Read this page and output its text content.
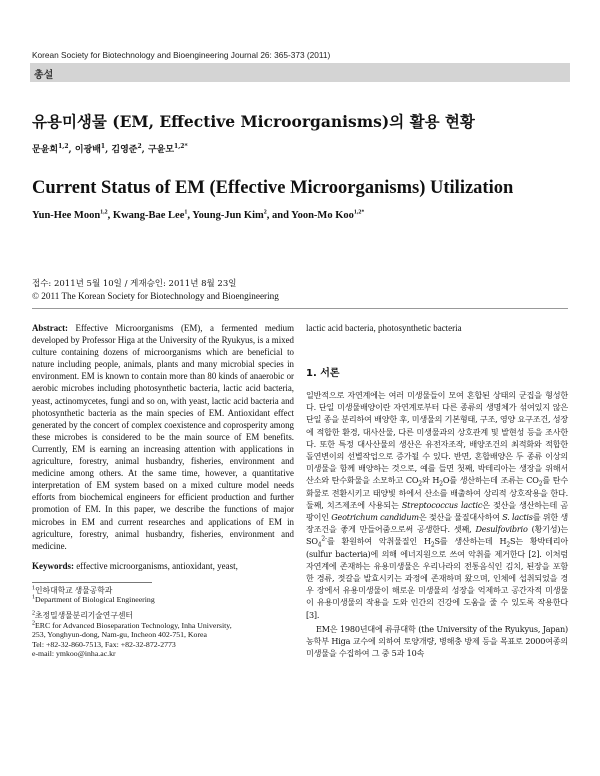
Korean Society for Biotechnology and Bioengineering Journal 26: 365-373 (2011)
총설
유용미생물 (EM, Effective Microorganisms)의 활용 현황
문윤희$^{1,2}$, 이광배$^1$, 김영준$^2$, 구윤모$^{1,2*}$
Current Status of EM (Effective Microorganisms) Utilization
Yun-Hee Moon$^{1,2}$, Kwang-Bae Lee$^1$, Young-Jun Kim$^2$, and Yoon-Mo Koo$^{1,2*}$
접수: 2011년 5월 10일 / 게재승인: 2011년 8월 23일
© 2011 The Korean Society for Biotechnology and Bioengineering

Abstract: Effective Microorganisms (EM), a fermented medium developed by Professor Higa at the University of the Ryukyus, is a mixed culture containing dozens of microorganisms which are beneficial to nature including people, animals, plants and many microbial species in environment. EM is known to contain more than 80 kinds of anaerobic or aerobic microbes including photosynthetic bacteria, lactic acid bacteria, yeast, actinomycetes, fungi and so on, with yeast, lactic acid bacteria and photosynthetic bacteria as the main species of EM. Antioxidant effect generated by the concert of complex coexistence and coprosperity among these microbes is considered to be the main source of EM benefits. Currently, EM is earning an increasing attention with applications in agriculture, forestry, animal husbandry, fisheries, environment and medicine among others. At the same time, however, a quantitative interpretation of EM system based on a mixed culture model needs efforts from biochemical engineers for efficient production and further promotion of EM. In this paper, we describe the functions of major microbes in EM and current researches and applications of EM in agriculture, forestry, animal husbandry, fisheries, environment and medicine.

Keywords: effective microorganisms, antioxidant, yeast,

$^1$인하대학교 생물공학과
$^1$Department of Biological Engineering
$^2$초정밀생물분리기술연구센터
$^2$ERC for Advanced Bioseparation Technology, Inha University,
253, Yonghyun-dong, Nam-gu, Incheon 402-751, Korea
Tel: +82-32-860-7513, Fax: +82-32-872-2773
e-mail: ymkoo@inha.ac.kr

lactic acid bacteria, photosynthetic bacteria

1. 서론

일반적으로 자연계에는 여러 미생물들이 모여 혼합된 상태의 군집을 형성한다. 단일 미생물배양이란 자연계로부터 다른 종류의 생명체가 섞여있지 않은 단일 종을 분리하여 배양한 후, 미생물의 기본형태, 구조, 영양 요구조건, 성장에 적합한 환경, 대사산물, 다른 미생물과의 상호관계 및 발현성 등을 조사한다. 또한 특정 대사산물의 생산은 유전자조작, 배양조건의 최적화와 적합한 돌연변이의 선별작업으로 증가될 수 있다. 반면, 혼합배양은 두 종류 이상의 미생물을 함께 배양하는 것으로, 예를 들면 첫째, 박테리아는 생장을 위해서 산소와 탄수화물을 소모하고 $CO_2$와 $H_2O$를 생산하는데 조류는 $CO_2$를 탄수화물로 전환시키고 태양빛 하에서 산소를 배출하여 상리적 상호작용을 한다. 둘째, 치즈제조에 사용되는 Streptococcus lactic은 젖산을 생산하는데 곰팡이인 Geotrichum candidum은 젖산을 물질대사하여 S. lactis를 위한 생장조건을 좋게 만들어줌으로써 공생한다. 셋째, Desulfovibrio (황기성)는 $SO_4^{2-}$를 환원하여 악취물질인 $H_2S$를 생산하는데 $H_2S$는 황박테리아 (sulfur bacteria)에 의해 에너지원으로 쓰여 악취를 제거한다 [2]. 이처럼 자연계에 존재하는 유용미생물은 우리나라의 전통음식인 김치, 된장을 포함한 경류, 젓갈을 발효시키는 과정에 존재하며 왔으며, 인체에 섭취되었을 경우 장에서 유용미생물이 해로운 미생물의 성장을 억제하고 공간자적 미생물이 유용미생물의 작용을 도와 인간의 건강에 도움을 줄 수 있도록 작용한다 [3].

EM은 1980년대에 류큐대학 (the University of the Ryukyus, Japan) 농학부 Higa 교수에 의하여 토양개량, 병해충 방제 등을 목표로 2000여종의 미생물을 수집하여 그 중 5과 10속
